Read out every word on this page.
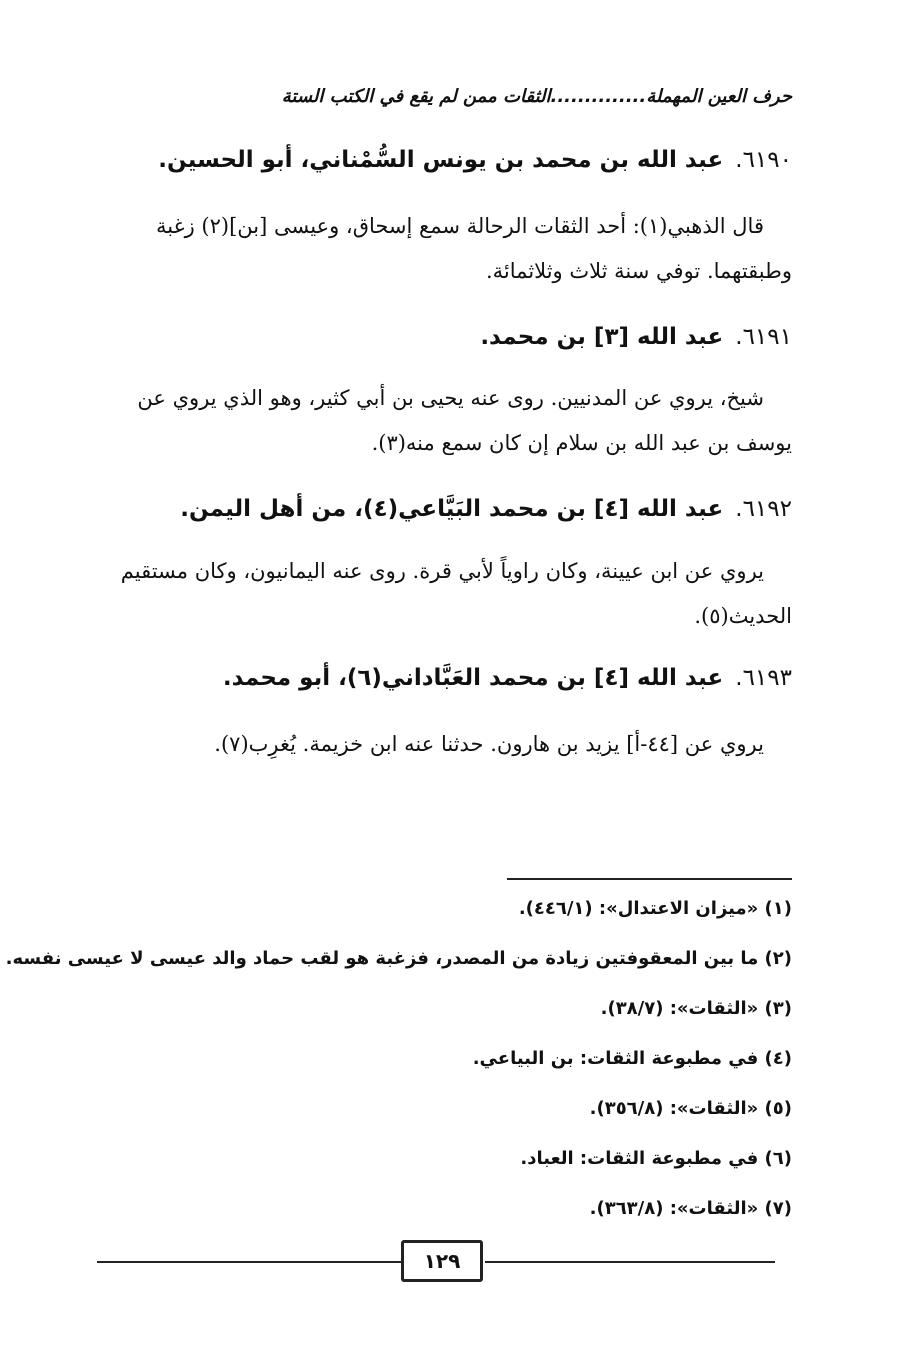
حرف العين المهملة..............الثقات ممن لم يقع في الكتب الستة
٦١٩٠.عبد الله بن محمد بن يونس السُّمْناني، أبو الحسين.
قال الذهبي(١): أحد الثقات الرحالة سمع إسحاق، وعيسى [بن](٢) زغبة
وطبقتهما. توفي سنة ثلاث وثلاثمائة.
٦١٩١.عبد الله [٣] بن محمد.
شيخ، يروي عن المدنيين. روى عنه يحيى بن أبي كثير، وهو الذي يروي عن
يوسف بن عبد الله بن سلام إن كان سمع منه(٣).
٦١٩٢.عبد الله [٤] بن محمد البَيَّاعي(٤)، من أهل اليمن.
يروي عن ابن عيينة، وكان راوياً لأبي قرة. روى عنه اليمانيون، وكان مستقيم
الحديث(٥).
٦١٩٣.عبد الله [٤] بن محمد العَبَّاداني(٦)، أبو محمد.
يروي عن [٤٤-أ] يزيد بن هارون. حدثنا عنه ابن خزيمة. يُغرِب(٧).
(١) «ميزان الاعتدال»: (٤٤٦/١).
(٢) ما بين المعقوفتين زيادة من المصدر، فزغبة هو لقب حماد والد عيسى لا عيسى نفسه.
(٣) «الثقات»: (٣٨/٧).
(٤) في مطبوعة الثقات: بن البياعي.
(٥) «الثقات»: (٣٥٦/٨).
(٦) في مطبوعة الثقات: العباد.
(٧) «الثقات»: (٣٦٣/٨).
١٢٩
